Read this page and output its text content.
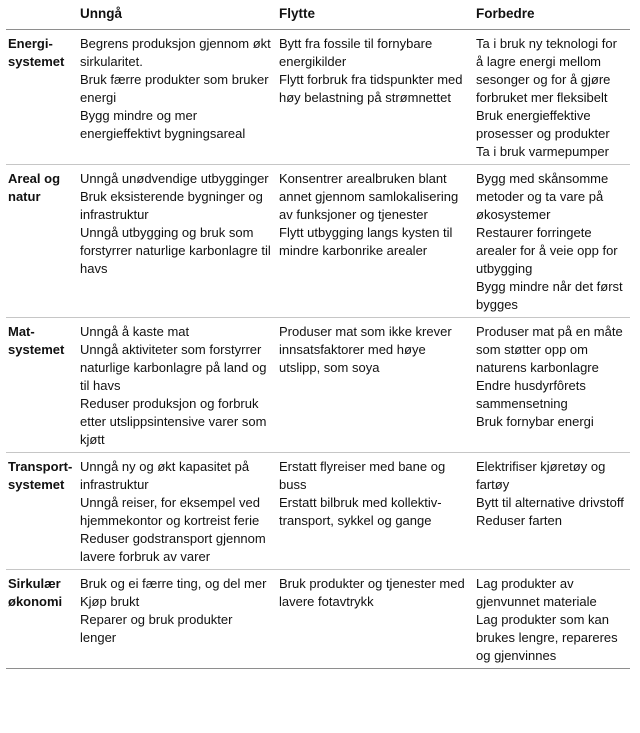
	Unngå	Flytte	Forbedre

Energi-
systemet	Begrens produksjon gjennom økt sirkularitet.
Bruk færre produkter som bruker energi
Bygg mindre og mer energieffektivt bygningsareal	Bytt fra fossile til fornybare energikilder
Flytt forbruk fra tidspunkter med høy belastning på strømnettet	Ta i bruk ny teknologi for å lagre energi mellom sesonger og for å gjøre forbruket mer fleksibelt
Bruk energieffektive prosesser og produkter
Ta i bruk varmepumper

Areal og
natur	Unngå unødvendige utbygginger
Bruk eksisterende bygninger og infrastruktur
Unngå utbygging og bruk som forstyrrer naturlige karbonlagre til havs	Konsentrer arealbruken blant annet gjennom samlokalisering av funksjoner og tjenester
Flytt utbygging langs kysten til mindre karbonrike arealer	Bygg med skånsomme metoder og ta vare på økosystemer
Restaurer forringete arealer for å veie opp for utbygging
Bygg mindre når det først bygges

Mat-
systemet	Unngå å kaste mat
Unngå aktiviteter som forstyrrer naturlige karbonlagre på land og til havs
Reduser produksjon og forbruk etter utslippsintensive varer som kjøtt	Produser mat som ikke krever innsatsfaktorer med høye utslipp, som soya	Produser mat på en måte som støtter opp om naturens karbonlagre
Endre husdyrfôrets sammensetning
Bruk fornybar energi

Transport-
systemet	Unngå ny og økt kapasitet på infrastruktur
Unngå reiser, for eksempel ved hjemmekontor og kortreist ferie
Reduser godstransport gjennom lavere forbruk av varer	Erstatt flyreiser med bane og buss
Erstatt bilbruk med kollektiv-transport, sykkel og gange	Elektrifiser kjøretøy og fartøy
Bytt til alternative drivstoff
Reduser farten

Sirkulær
økonomi	Bruk og ei færre ting, og del mer
Kjøp brukt
Reparer og bruk produkter lenger	Bruk produkter og tjenester med lavere fotavtrykk	Lag produkter av gjenvunnet materiale
Lag produkter som kan brukes lengre, repareres og gjenvinnes
